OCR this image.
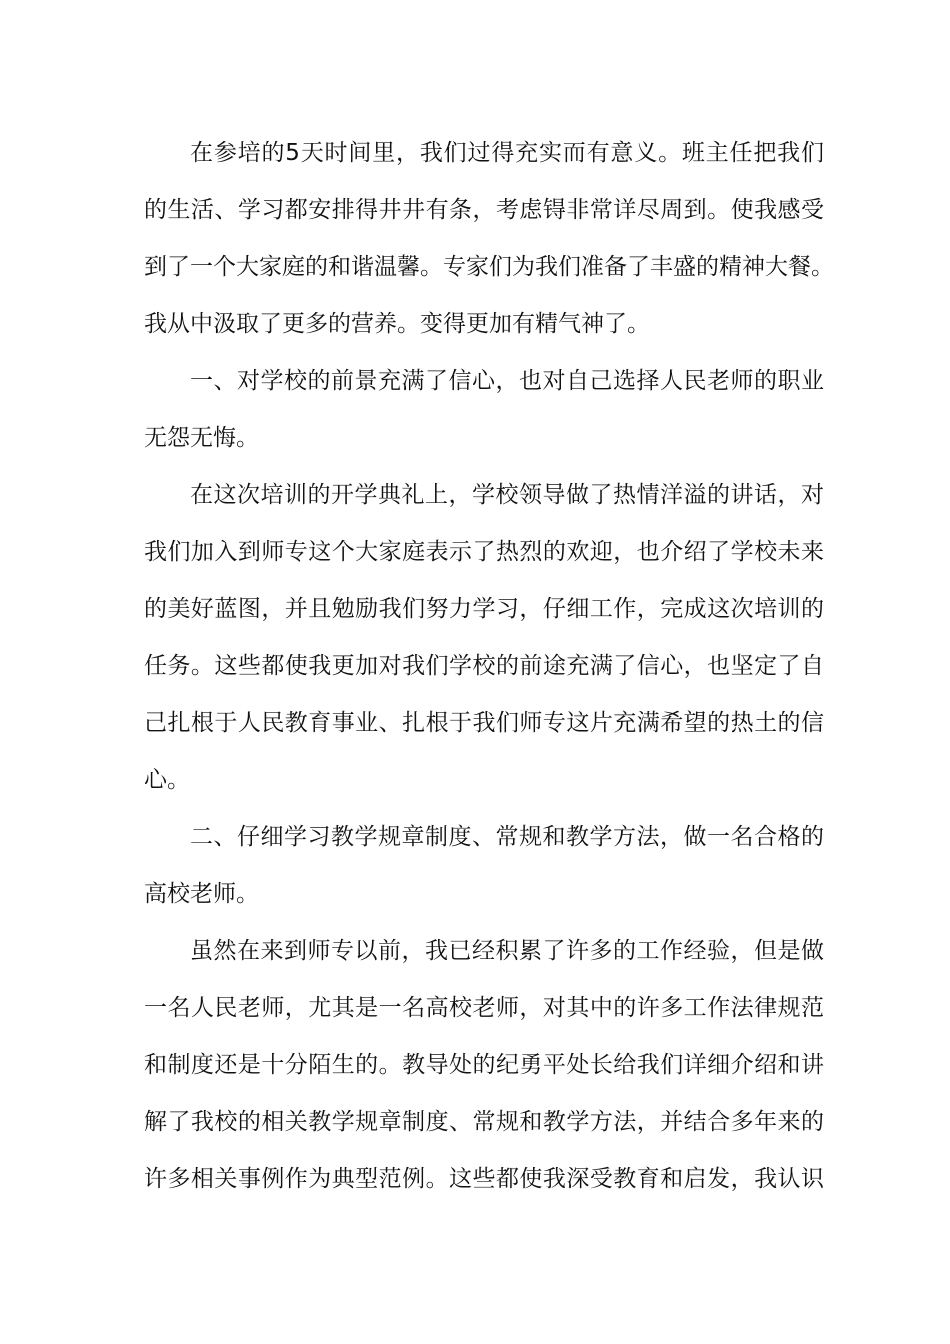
在参培的5天时间里，我们过得充实而有意义。班主任把我们
的生活、学习都安排得井井有条，考虑锝非常详尽周到。使我感受
到了一个大家庭的和谐温馨。专家们为我们准备了丰盛的精神大餐。
我从中汲取了更多的营养。变得更加有精气神了。
一、对学校的前景充满了信心，也对自己选择人民老师的职业
无怨无悔。
在这次培训的开学典礼上，学校领导做了热情洋溢的讲话，对
我们加入到师专这个大家庭表示了热烈的欢迎，也介绍了学校未来
的美好蓝图，并且勉励我们努力学习，仔细工作，完成这次培训的
任务。这些都使我更加对我们学校的前途充满了信心，也坚定了自
己扎根于人民教育事业、扎根于我们师专这片充满希望的热土的信
心。
二、仔细学习教学规章制度、常规和教学方法，做一名合格的
高校老师。
虽然在来到师专以前，我已经积累了许多的工作经验，但是做
一名人民老师，尤其是一名高校老师，对其中的许多工作法律规范
和制度还是十分陌生的。教导处的纪勇平处长给我们详细介绍和讲
解了我校的相关教学规章制度、常规和教学方法，并结合多年来的
许多相关事例作为典型范例。这些都使我深受教育和启发，我认识
